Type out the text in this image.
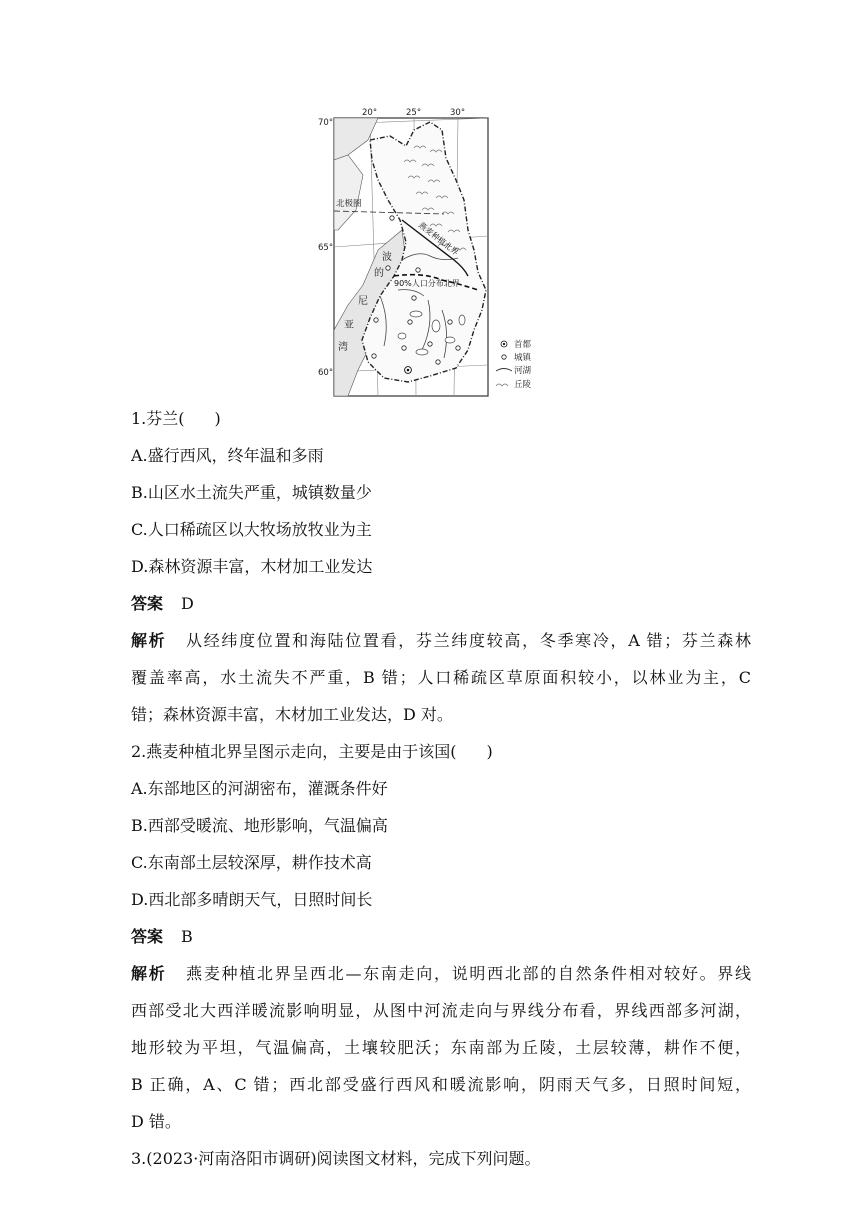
70°
65°
60°
20°	25°	30°
北极圈
波
的
尼
亚
湾
90%人口分布北界
燕麦种植北界
首都
城镇
河湖
丘陵
1.芬兰( )
A.盛行西风，终年温和多雨
B.山区水土流失严重，城镇数量少
C.人口稀疏区以大牧场放牧业为主
D.森林资源丰富，木材加工业发达
答案 D
解析 从经纬度位置和海陆位置看，芬兰纬度较高，冬季寒冷，A 错；芬兰森林
覆盖率高，水土流失不严重，B 错；人口稀疏区草原面积较小，以林业为主，C
错；森林资源丰富，木材加工业发达，D 对。
2.燕麦种植北界呈图示走向，主要是由于该国( )
A.东部地区的河湖密布，灌溉条件好
B.西部受暖流、地形影响，气温偏高
C.东南部土层较深厚，耕作技术高
D.西北部多晴朗天气，日照时间长
答案 B
解析 燕麦种植北界呈西北—东南走向，说明西北部的自然条件相对较好。界线
西部受北大西洋暖流影响明显，从图中河流走向与界线分布看，界线西部多河湖，
地形较为平坦，气温偏高，土壤较肥沃；东南部为丘陵，土层较薄，耕作不便，
B 正确，A、C 错；西北部受盛行西风和暖流影响，阴雨天气多，日照时间短，
D 错。
3.(2023·河南洛阳市调研)阅读图文材料，完成下列问题。
